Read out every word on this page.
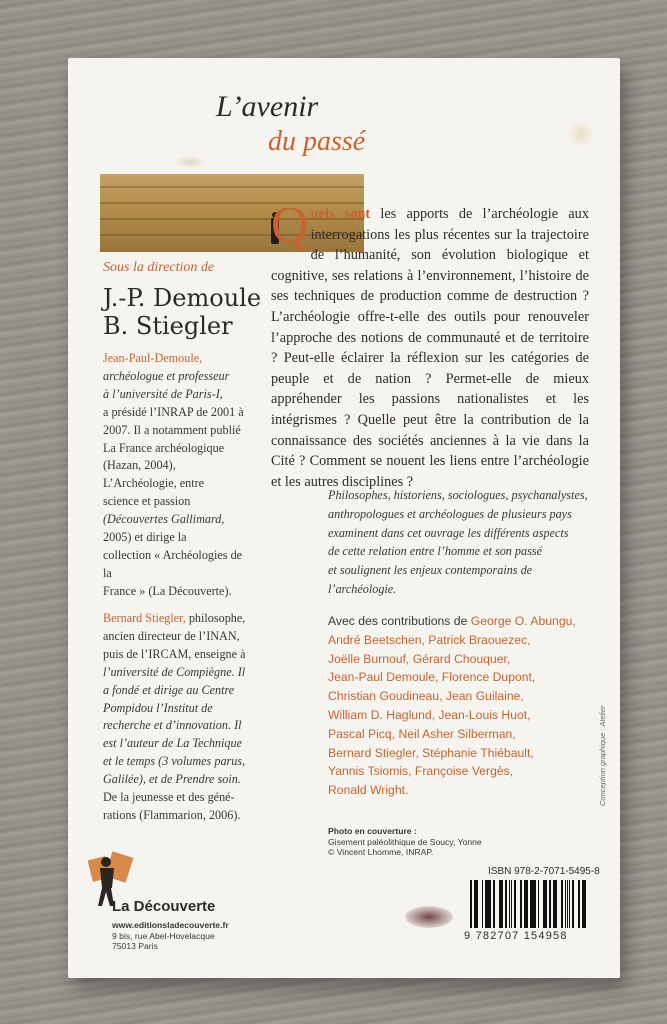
L’avenir
du passé
Sous la direction de
J.-P. Demoule
B. Stiegler

Jean-Paul-Demoule,

archéologue et professeur

à l’université de Paris-I,

a présidé l’INRAP de 2001 à

2007. Il a notamment publié

La France archéologique

(Hazan, 2004),

L’Archéologie, entre

science et passion

(Découvertes Gallimard,

2005) et dirige la

collection « Archéologies de la

France » (La Découverte).

Bernard Stiegler, philosophe,

ancien directeur de l’INAN,

puis de l’IRCAM, enseigne à

l’université de Compiègne. Il

a fondé et dirige au Centre

Pompidou l’Institut de

recherche et d’innovation. Il

est l’auteur de La Technique

et le temps (3 volumes parus,

Galilée), et de Prendre soin.

De la jeunesse et des géné-

rations (Flammarion, 2006).

Quels sont les apports de l’archéologie aux interrogations les plus récentes sur la trajectoire de l’humanité, son évolution biologique et cognitive, ses relations à l’environnement, l’histoire de ses techniques de production comme de destruction ? L’archéologie offre-t-elle des outils pour renouveler l’approche des notions de communauté et de territoire ? Peut-elle éclairer la réflexion sur les catégories de peuple et de nation ? Permet-elle de mieux appréhender les passions nationalistes et les intégrismes ? Quelle peut être la contribution de la connaissance des sociétés anciennes à la vie dans la Cité ? Comment se nouent les liens entre l’archéologie et les autres disciplines ?
Philosophes, historiens, sociologues, psychanalystes,
anthropologues et archéologues de plusieurs pays
examinent dans cet ouvrage les différents aspects
de cette relation entre l’homme et son passé
et soulignent les enjeux contemporains de
l’archéologie.
Avec des contributions de George O. Abungu,
André Beetschen, Patrick Braouezec,
Joëlle Burnouf, Gérard Chouquer,
Jean-Paul Demoule, Florence Dupont,
Christian Goudineau, Jean Guilaine,
William D. Haglund, Jean-Louis Huot,
Pascal Picq, Neil Asher Silberman,
Bernard Stiegler, Stéphanie Thiébault,
Yannis Tsiomis, Françoise Vergès,
Ronald Wright.
Photo en couverture :
Gisement paléolithique de Soucy, Yonne
© Vincent Lhomme, INRAP.
Conception graphique : Atelier
ISBN 978-2-7071-5495-8
9 782707 154958
La Découverte
www.editionsladecouverte.fr
9 bis, rue Abel-Hovelacque
75013 Paris
